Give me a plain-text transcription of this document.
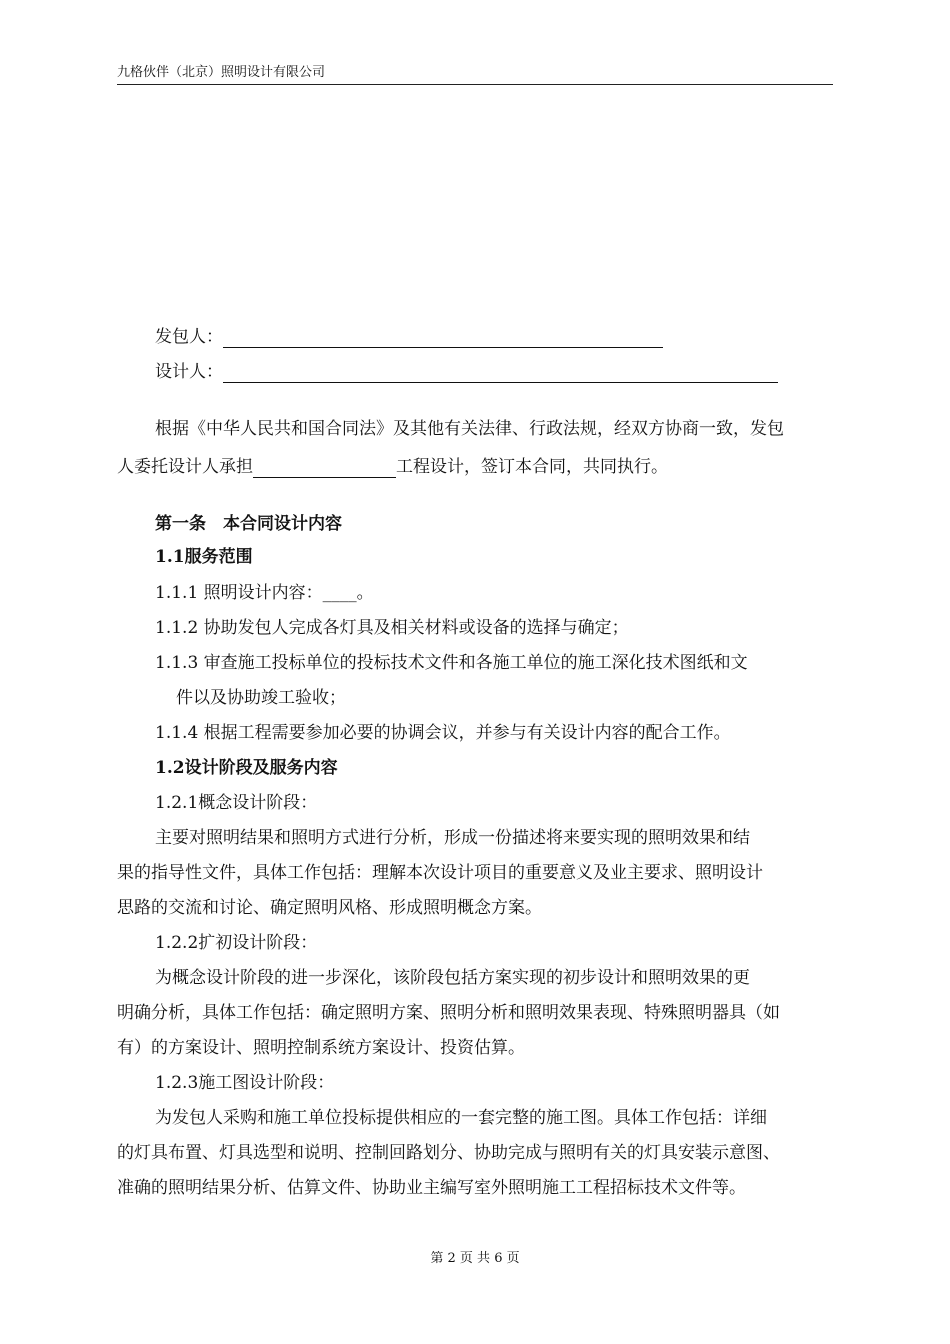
九格伙伴（北京）照明设计有限公司
发包人：
设计人：
根据《中华人民共和国合同法》及其他有关法律、行政法规，经双方协商一致，发包
人委托设计人承担	工程设计，签订本合同，共同执行。
第一条　本合同设计内容
1.1服务范围
1.1.1 照明设计内容：____。
1.1.2 协助发包人完成各灯具及相关材料或设备的选择与确定；
1.1.3 审查施工投标单位的投标技术文件和各施工单位的施工深化技术图纸和文
件以及协助竣工验收；
1.1.4 根据工程需要参加必要的协调会议，并参与有关设计内容的配合工作。
1.2设计阶段及服务内容
1.2.1概念设计阶段：
主要对照明结果和照明方式进行分析，形成一份描述将来要实现的照明效果和结
果的指导性文件，具体工作包括：理解本次设计项目的重要意义及业主要求、照明设计
思路的交流和讨论、确定照明风格、形成照明概念方案。
1.2.2扩初设计阶段：
为概念设计阶段的进一步深化，该阶段包括方案实现的初步设计和照明效果的更
明确分析，具体工作包括：确定照明方案、照明分析和照明效果表现、特殊照明器具（如
有）的方案设计、照明控制系统方案设计、投资估算。
1.2.3施工图设计阶段：
为发包人采购和施工单位投标提供相应的一套完整的施工图。具体工作包括：详细
的灯具布置、灯具选型和说明、控制回路划分、协助完成与照明有关的灯具安装示意图、
准确的照明结果分析、估算文件、协助业主编写室外照明施工工程招标技术文件等。
第 2 页 共 6 页
